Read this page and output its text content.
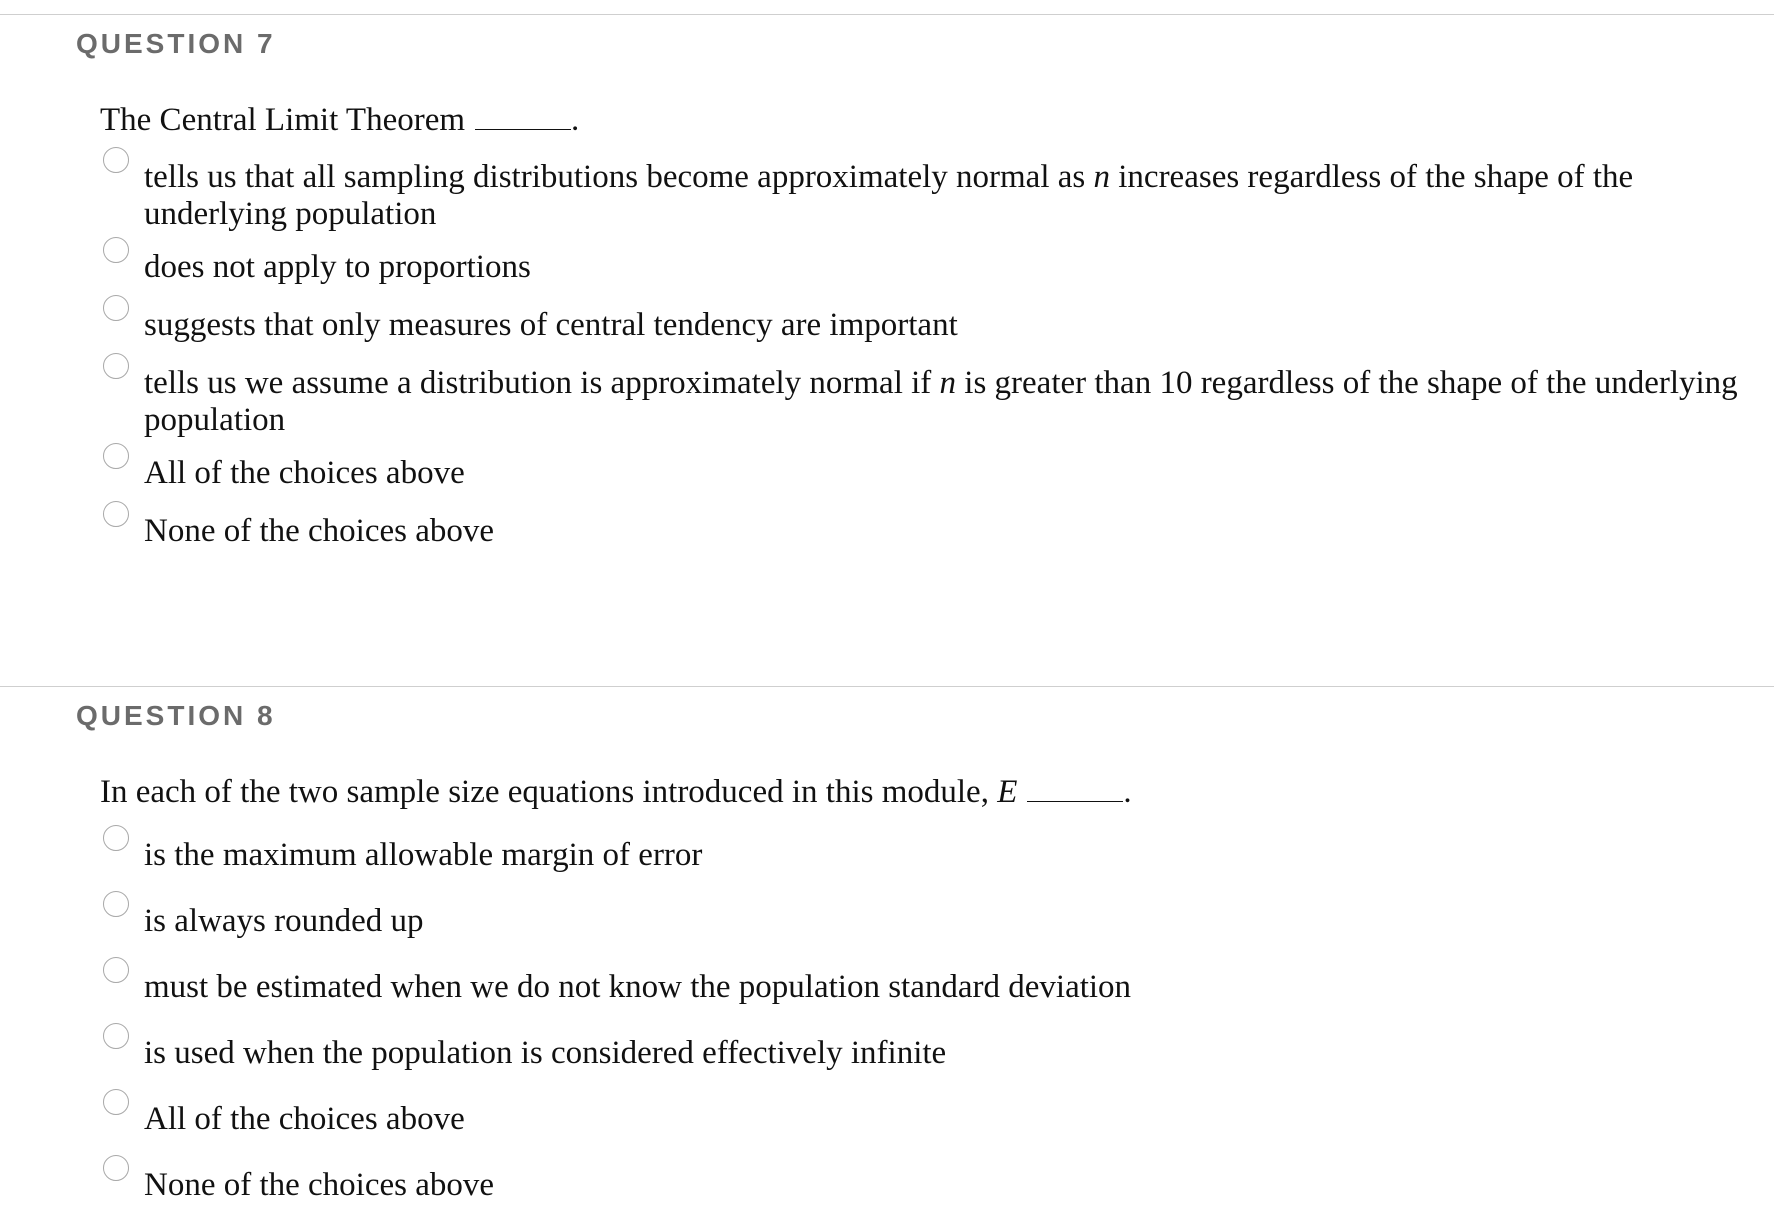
QUESTION 7

The Central Limit Theorem	.

tells us that all sampling distributions become approximately normal as n increases regardless of the shape of the underlying population
does not apply to proportions
suggests that only measures of central tendency are important
tells us we assume a distribution is approximately normal if n is greater than 10 regardless of the shape of the underlying population
All of the choices above
None of the choices above
QUESTION 8

In each of the two sample size equations introduced in this module, E	.

is the maximum allowable margin of error
is always rounded up
must be estimated when we do not know the population standard deviation
is used when the population is considered effectively infinite
All of the choices above
None of the choices above
